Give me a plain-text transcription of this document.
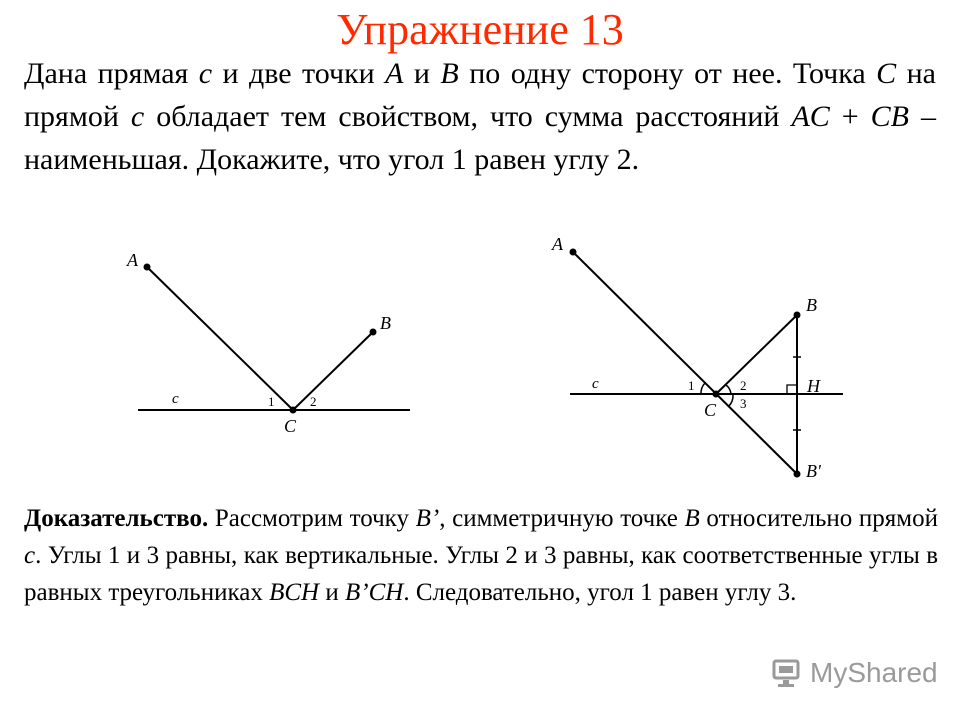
Упражнение 13
Дана прямая c и две точки A и B по одну сторону от нее. Точка C на прямой c обладает тем свойством, что сумма расстояний AC + CB – наименьшая. Докажите, что угол 1 равен углу 2.
A
B
C
c	1	2
A
B
B'
C
H
c	1	2
3
Доказательство. Рассмотрим точку B’, симметричную точке B относительно прямой c. Углы 1 и 3 равны, как вертикальные. Углы 2 и 3 равны, как соответственные углы в равных треугольниках BCH и B’CH. Следовательно, угол 1 равен углу 3.
MyShared
